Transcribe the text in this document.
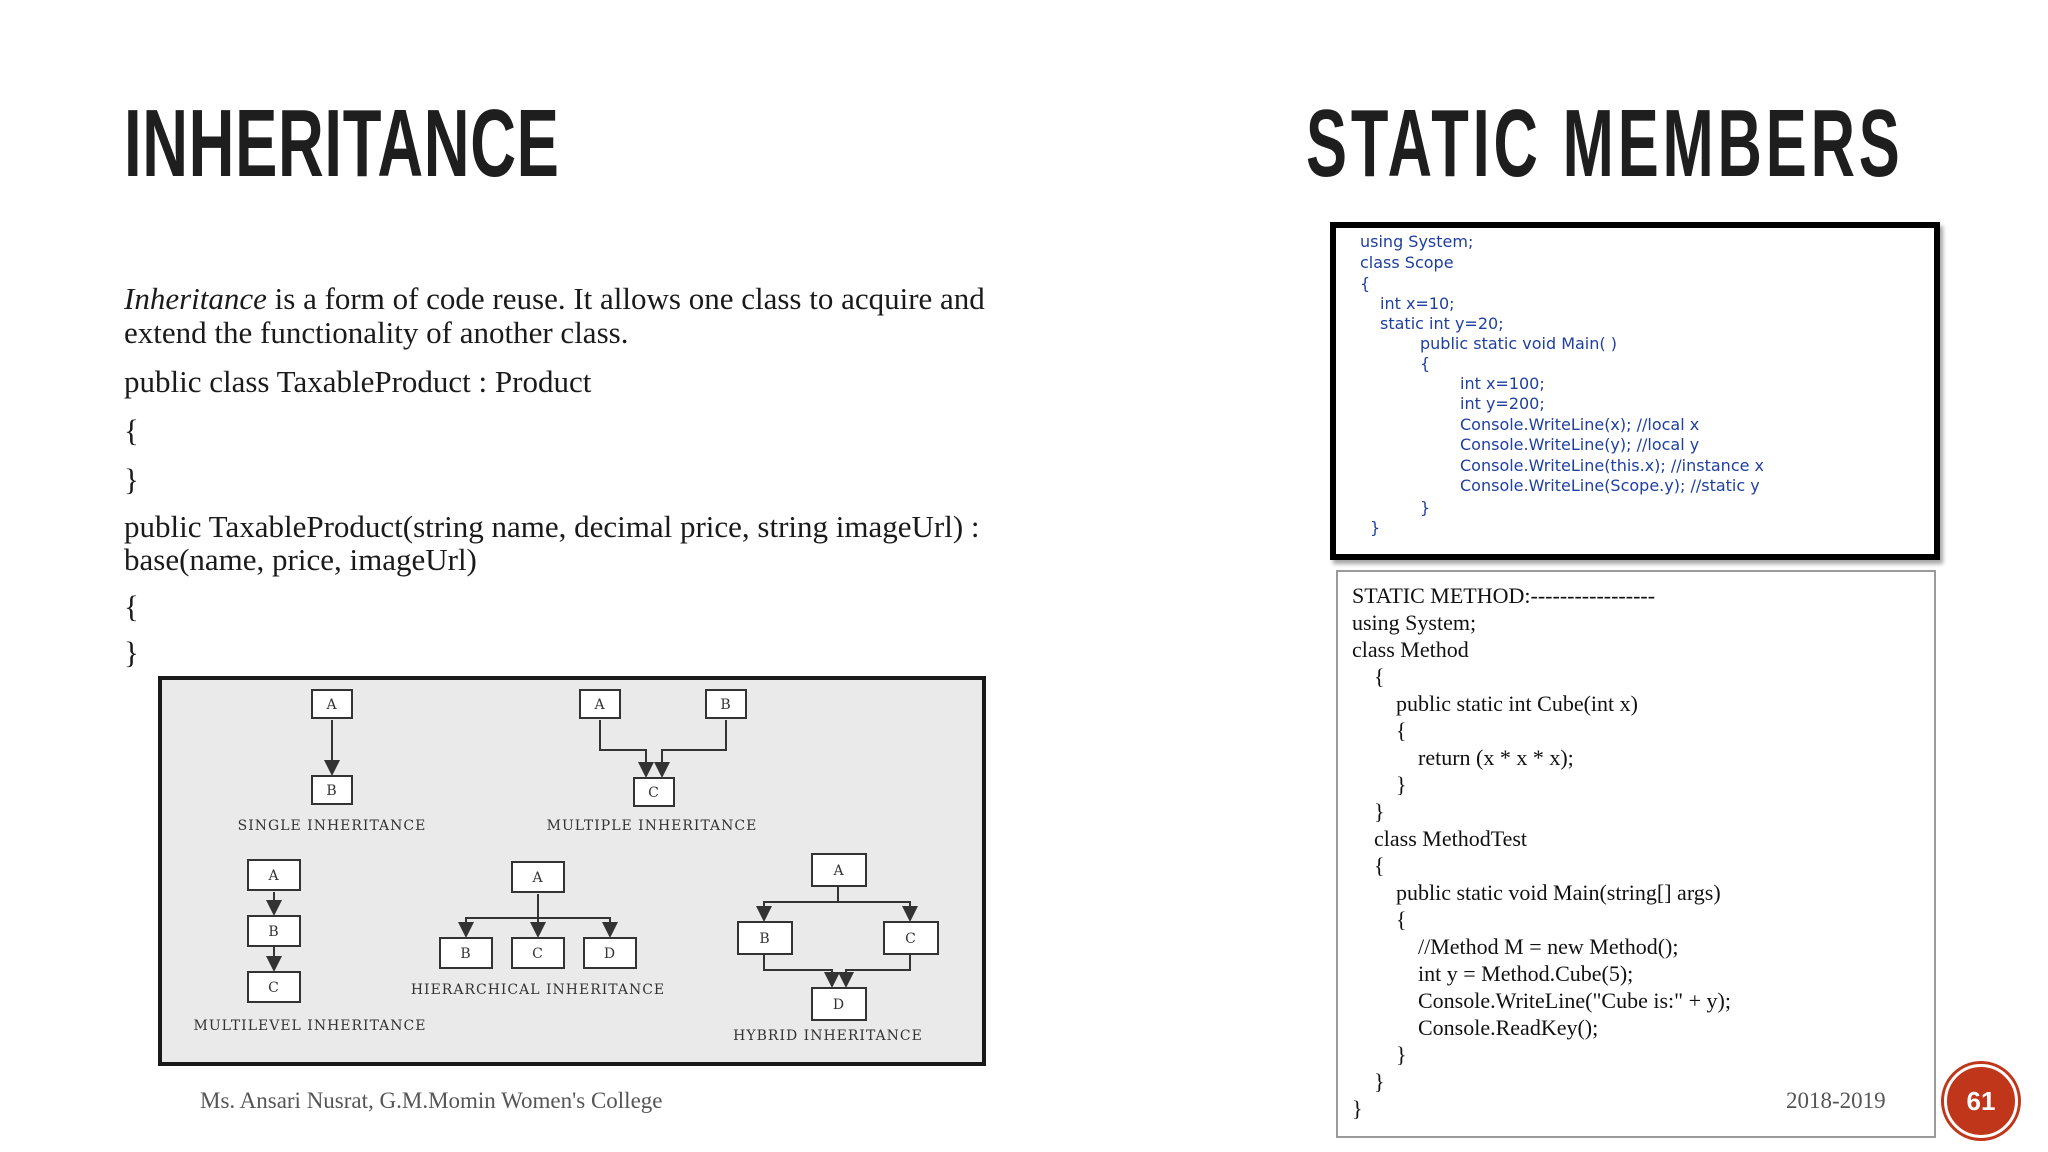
INHERITANCE
Inheritance is a form of code reuse. It allows one class to acquire and
extend the functionality of another class.
public class TaxableProduct : Product
{
}
public TaxableProduct(string name, decimal price, string imageUrl) :
base(name, price, imageUrl)
{
}
A
B
SINGLE INHERITANCE
A	B
C
MULTIPLE INHERITANCE
A
B
C
MULTILEVEL INHERITANCE
A
B	C	D
HIERARCHICAL INHERITANCE
A
B	C
D
HYBRID INHERITANCE
STATIC MEMBERS
using System;
class Scope
{
int x=10;
static int y=20;
public static void Main( )
{
int x=100;
int y=200;
Console.WriteLine(x); //local x
Console.WriteLine(y); //local y
Console.WriteLine(this.x); //instance x
Console.WriteLine(Scope.y); //static y
}
}
STATIC METHOD:-----------------
using System;
class Method
{
public static int Cube(int x)
{
return (x * x * x);
}
}
class MethodTest
{
public static void Main(string[] args)
{
//Method M = new Method();
int y = Method.Cube(5);
Console.WriteLine("Cube is:" + y);
Console.ReadKey();
}
}
}
Ms. Ansari Nusrat, G.M.Momin Women's College	2018-2019	61
